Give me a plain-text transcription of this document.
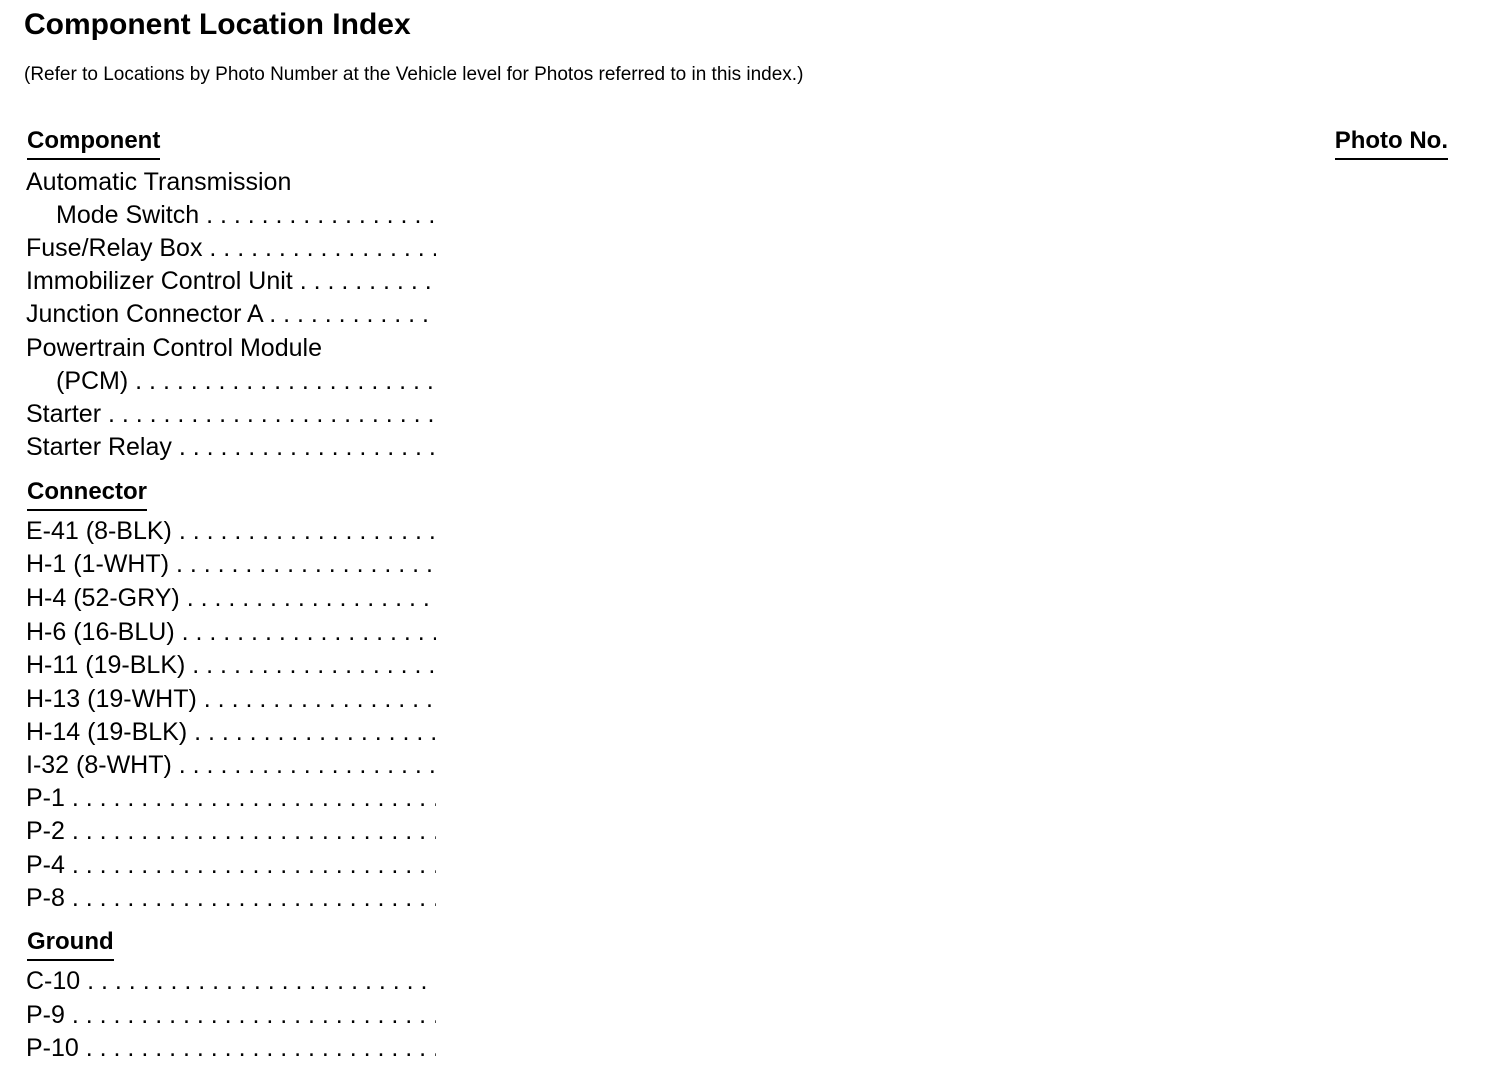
Component Location Index
(Refer to Locations by Photo Number at the Vehicle level for Photos referred to in this index.)
Component	Photo No.
Automatic Transmission
Mode Switch . . .
Fuse/Relay Box . . .
Immobilizer Control Unit . . .
Junction Connector A . . .
Powertrain Control Module
(PCM) . . .
Starter . . .
Starter Relay . . .
Connector
E-41 (8-BLK) . . .
H-1 (1-WHT) . . .
H-4 (52-GRY) . . .
H-6 (16-BLU) . . .
H-11 (19-BLK) . . .
H-13 (19-WHT) . . .
H-14 (19-BLK) . . .
I-32 (8-WHT) . . .
P-1 . . .
P-2 . . .
P-4 . . .
P-8 . . .
Ground
C-10 . . .
P-9 . . .
P-10 . . .
